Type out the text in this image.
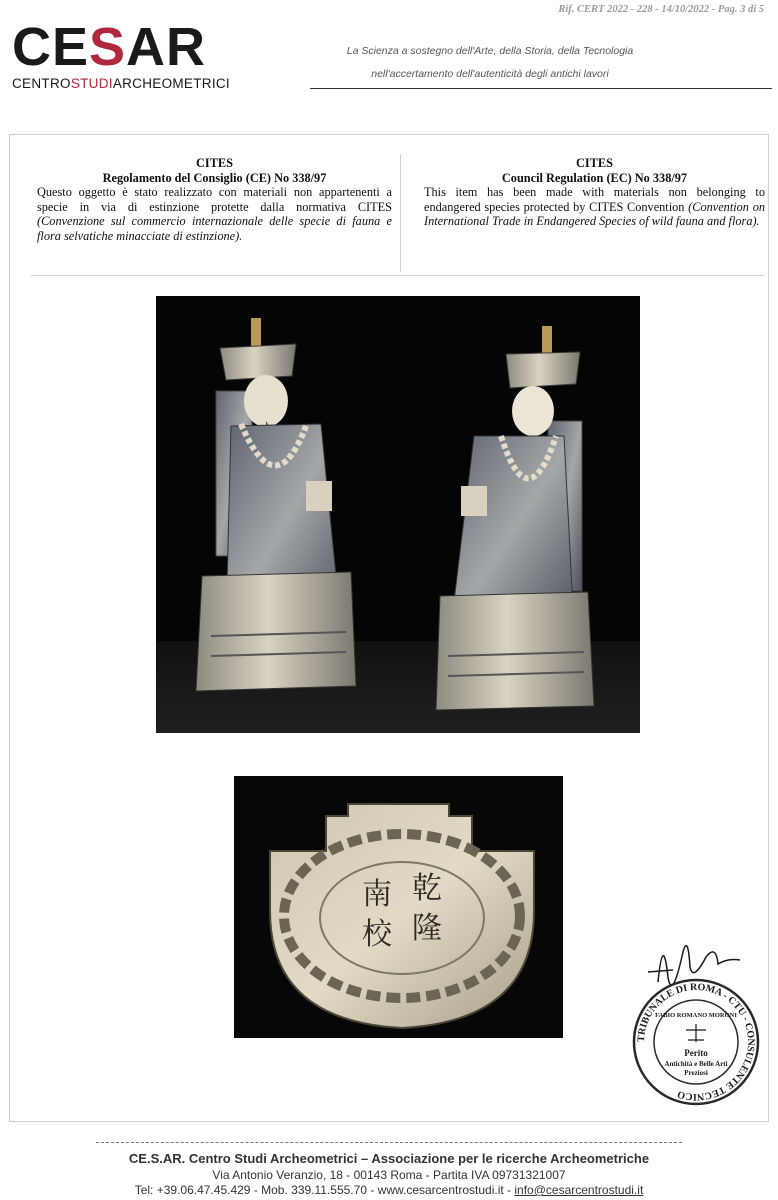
Rif. CERT 2022 - 228 - 14/10/2022 - Pag. 3 di 5
CESAR
CENTROSTUDIARCHEOMETRICI
La Scienza a sostegno dell'Arte, della Storia, della Tecnologia
nell'accertamento dell'autenticità degli antichi lavori
CITES
Regolamento del Consiglio (CE) No 338/97
Questo oggetto è stato realizzato con materiali non appartenenti a specie in via di estinzione protette dalla normativa CITES (Convenzione sul commercio internazionale delle specie di fauna e flora selvatiche minacciate di estinzione).
CITES
Council Regulation (EC) No 338/97
This item has been made with materials non belonging to endangered species protected by CITES Convention (Convention on International Trade in Endangered Species of wild fauna and flora).
乾
隆
南
校
TRIBUNALE DI ROMA - CTU - CONSULENTE TECNICO
FABIO ROMANO MORONI
Perito
Antichità e Belle Arti
Preziosi
CE.S.AR. Centro Studi Archeometrici – Associazione per le ricerche Archeometriche
Via Antonio Veranzio, 18 - 00143 Roma - Partita IVA 09731321007
Tel: +39.06.47.45.429 - Mob. 339.11.555.70 - www.cesarcentrostudi.it - info@cesarcentrostudi.it
